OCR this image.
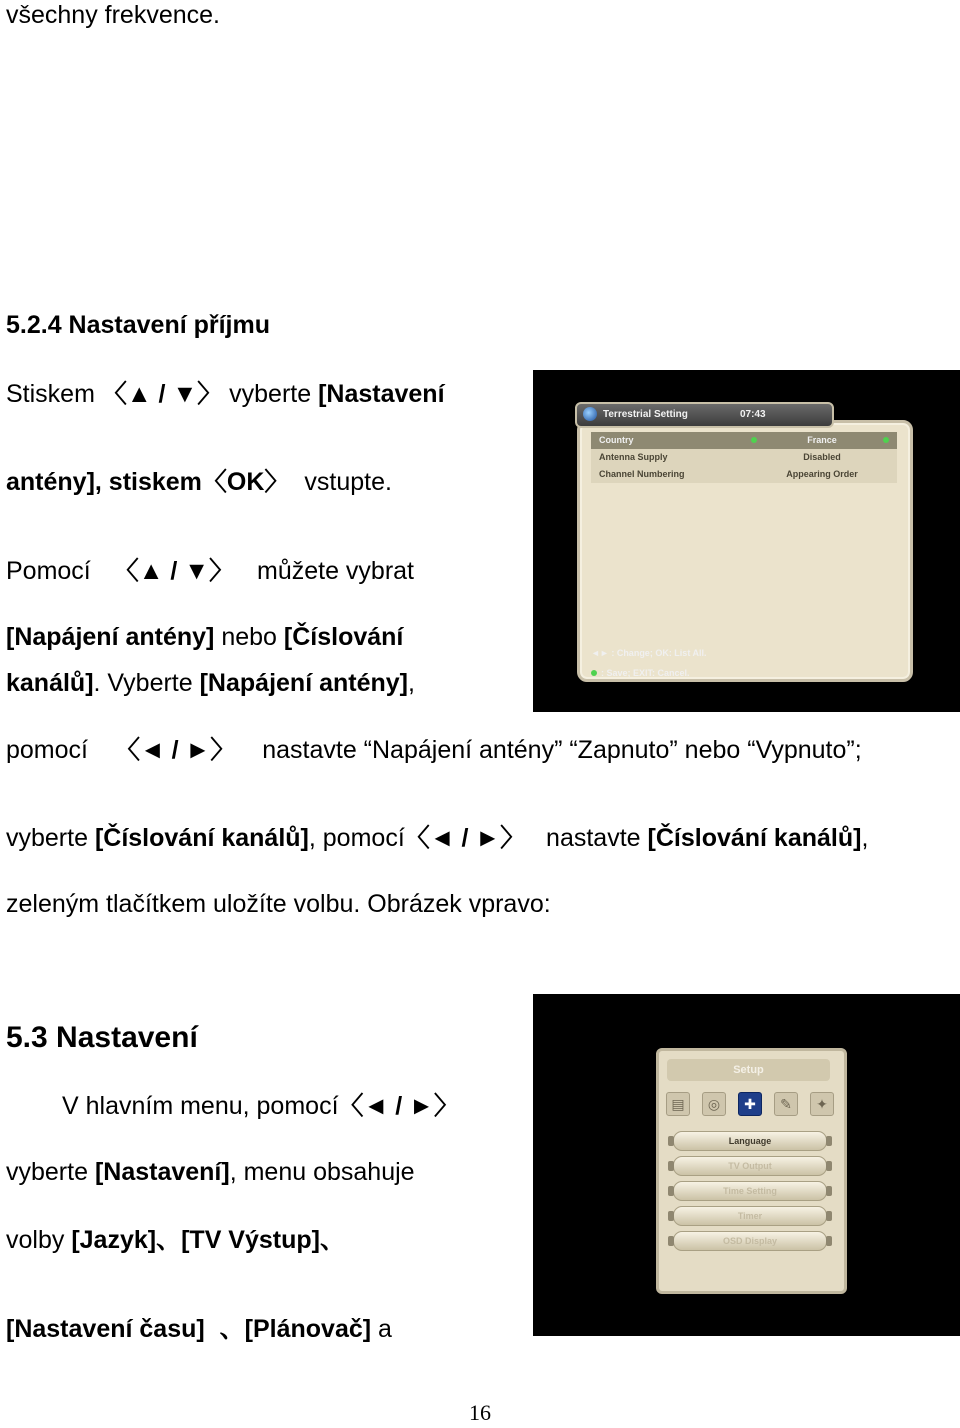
všechny frekvence.
5.2.4 Nastavení příjmu
Stiskem 〈▲ / ▼〉 vyberte [Nastavení
antény], stiskem〈OK〉 vstupte.
Pomocí 〈▲ / ▼〉 můžete vybrat
[Napájení antény] nebo [Číslování
kanálů]. Vyberte [Napájení antény],
pomocí 〈◄ / ►〉 nastavte “Napájení antény” “Zapnuto” nebo “Vypnuto”;
vyberte [Číslování kanálů], pomocí〈◄ / ►〉 nastavte [Číslování kanálů],
zeleným tlačítkem uložíte volbu. Obrázek vpravo:
5.3 Nastavení
V hlavním menu, pomocí〈◄ / ►〉
vyberte [Nastavení], menu obsahuje
volby [Jazyk]、[TV Výstup]、
[Nastavení času] 、[Plánovač] a
16
Terrestrial Setting	07:43
Country	France
Antenna Supply	Disabled
Channel Numbering	Appearing Order
◄► : Change; OK: List All.
: Save; EXIT: Cancel.
Setup
▤	◎	✚	✎	✦
Language
TV Output
Time Setting
Timer
OSD Display
